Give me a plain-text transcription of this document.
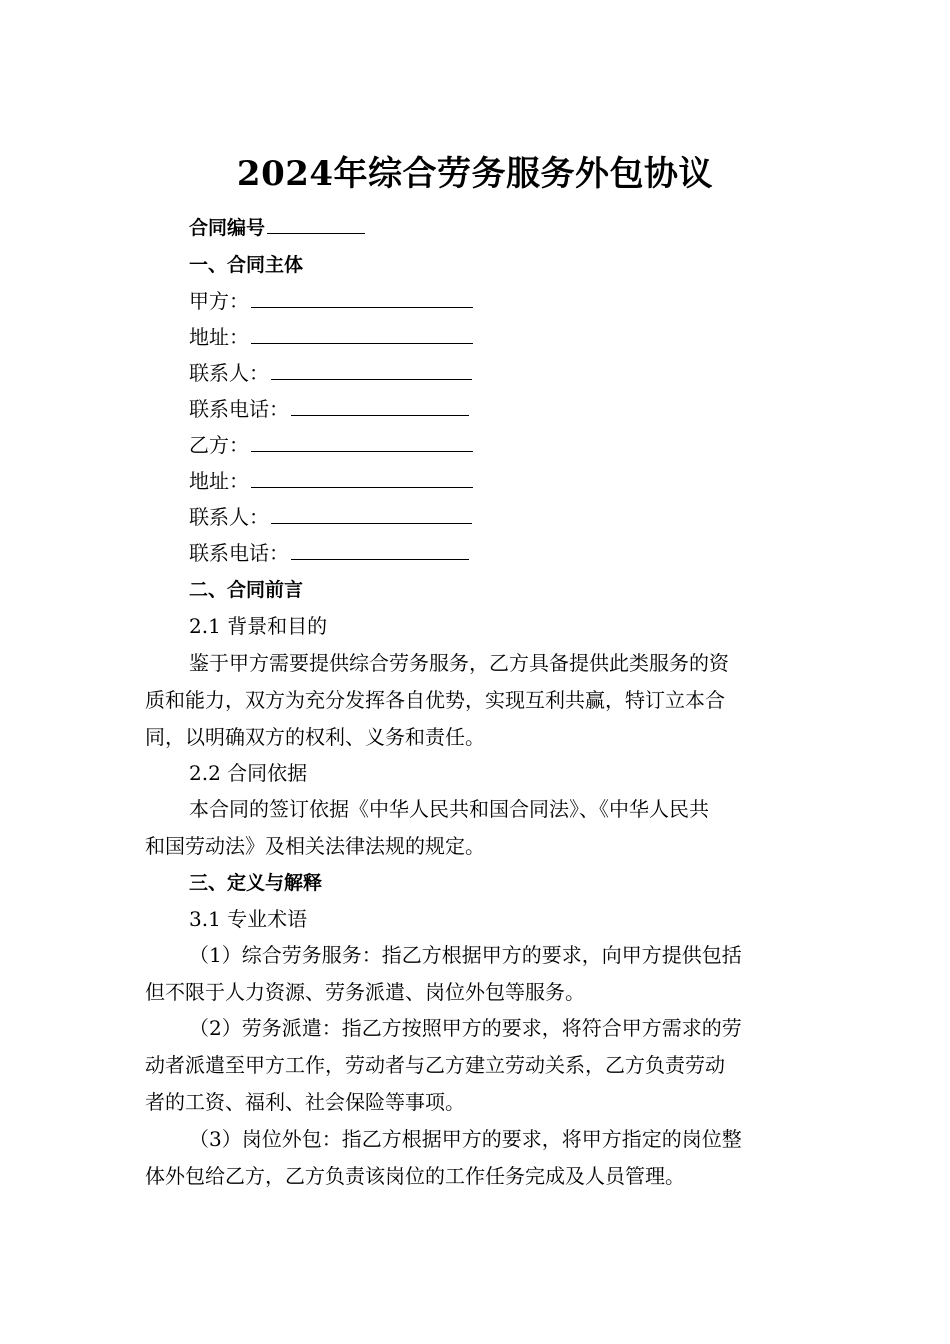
2024年综合劳务服务外包协议
合同编号
一、合同主体
甲方：
地址：
联系人：
联系电话：
乙方：
地址：
联系人：
联系电话：
二、合同前言
2.1 背景和目的
鉴于甲方需要提供综合劳务服务，乙方具备提供此类服务的资
质和能力，双方为充分发挥各自优势，实现互利共赢，特订立本合
同，以明确双方的权利、义务和责任。
2.2 合同依据
本合同的签订依据《中华人民共和国合同法》、《中华人民共
和国劳动法》及相关法律法规的规定。
三、定义与解释
3.1 专业术语
（1）综合劳务服务：指乙方根据甲方的要求，向甲方提供包括
但不限于人力资源、劳务派遣、岗位外包等服务。
（2）劳务派遣：指乙方按照甲方的要求，将符合甲方需求的劳
动者派遣至甲方工作，劳动者与乙方建立劳动关系，乙方负责劳动
者的工资、福利、社会保险等事项。
（3）岗位外包：指乙方根据甲方的要求，将甲方指定的岗位整
体外包给乙方，乙方负责该岗位的工作任务完成及人员管理。
